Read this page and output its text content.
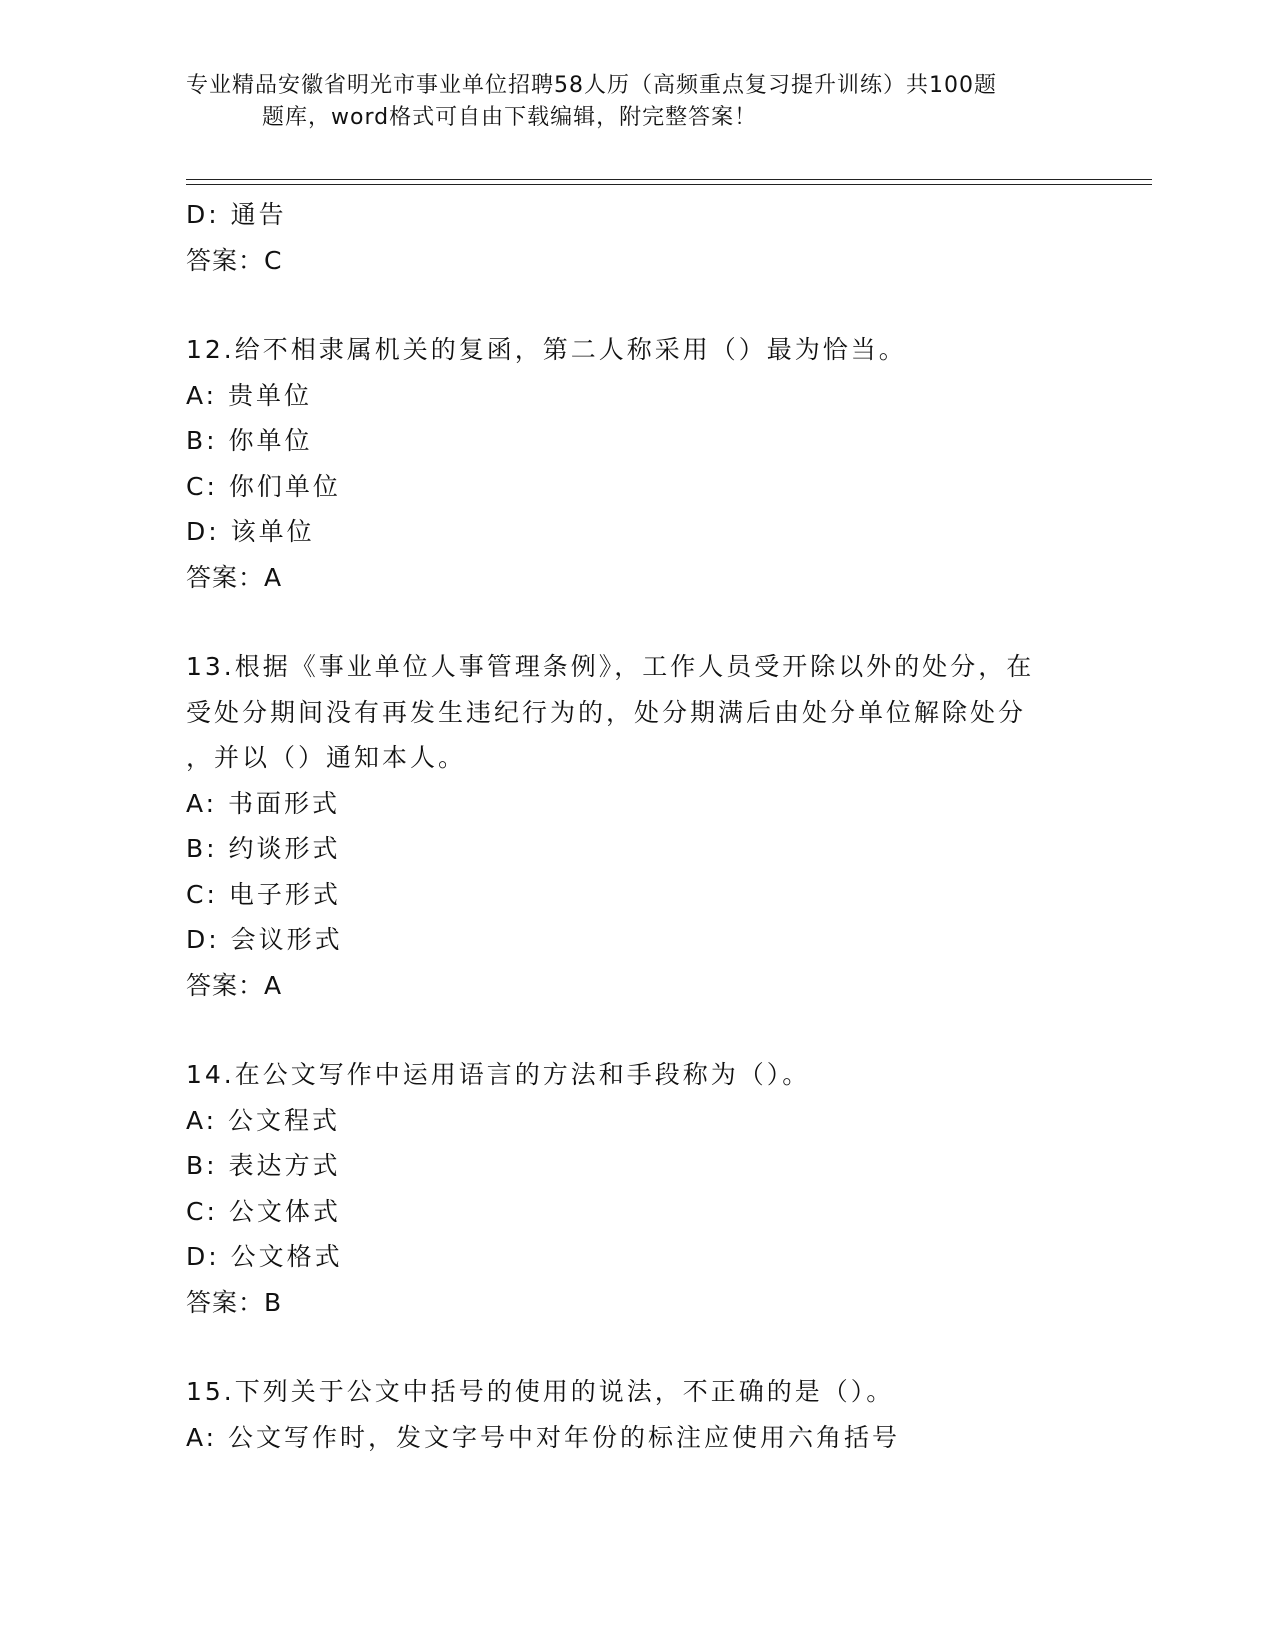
专业精品安徽省明光市事业单位招聘58人历（高频重点复习提升训练）共100题
题库，word格式可自由下载编辑，附完整答案！
D: 通告
答案：C
12.给不相隶属机关的复函，第二人称采用（）最为恰当。
A: 贵单位
B: 你单位
C: 你们单位
D: 该单位
答案：A
13.根据《事业单位人事管理条例》，工作人员受开除以外的处分，在
受处分期间没有再发生违纪行为的，处分期满后由处分单位解除处分
，并以（）通知本人。
A: 书面形式
B: 约谈形式
C: 电子形式
D: 会议形式
答案：A
14.在公文写作中运用语言的方法和手段称为（）。
A: 公文程式
B: 表达方式
C: 公文体式
D: 公文格式
答案：B
15.下列关于公文中括号的使用的说法，不正确的是（）。
A: 公文写作时，发文字号中对年份的标注应使用六角括号
